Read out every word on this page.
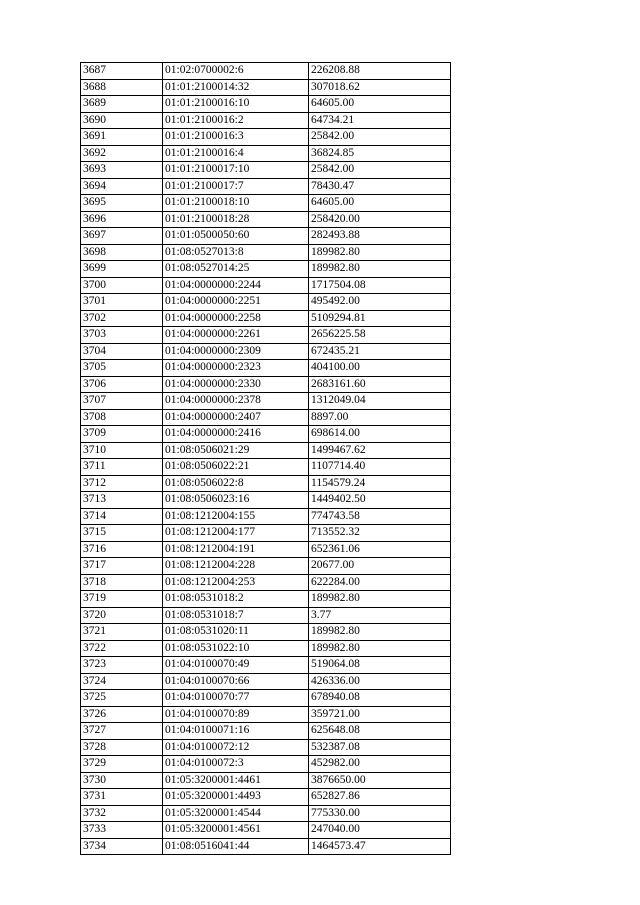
3687	01:02:0700002:6	226208.88
3688	01:01:2100014:32	307018.62
3689	01:01:2100016:10	64605.00
3690	01:01:2100016:2	64734.21
3691	01:01:2100016:3	25842.00
3692	01:01:2100016:4	36824.85
3693	01:01:2100017:10	25842.00
3694	01:01:2100017:7	78430.47
3695	01:01:2100018:10	64605.00
3696	01:01:2100018:28	258420.00
3697	01:01:0500050:60	282493.88
3698	01:08:0527013:8	189982.80
3699	01:08:0527014:25	189982.80
3700	01:04:0000000:2244	1717504.08
3701	01:04:0000000:2251	495492.00
3702	01:04:0000000:2258	5109294.81
3703	01:04:0000000:2261	2656225.58
3704	01:04:0000000:2309	672435.21
3705	01:04:0000000:2323	404100.00
3706	01:04:0000000:2330	2683161.60
3707	01:04:0000000:2378	1312049.04
3708	01:04:0000000:2407	8897.00
3709	01:04:0000000:2416	698614.00
3710	01:08:0506021:29	1499467.62
3711	01:08:0506022:21	1107714.40
3712	01:08:0506022:8	1154579.24
3713	01:08:0506023:16	1449402.50
3714	01:08:1212004:155	774743.58
3715	01:08:1212004:177	713552.32
3716	01:08:1212004:191	652361.06
3717	01:08:1212004:228	20677.00
3718	01:08:1212004:253	622284.00
3719	01:08:0531018:2	189982.80
3720	01:08:0531018:7	3.77
3721	01:08:0531020:11	189982.80
3722	01:08:0531022:10	189982.80
3723	01:04:0100070:49	519064.08
3724	01:04:0100070:66	426336.00
3725	01:04:0100070:77	678940.08
3726	01:04:0100070:89	359721.00
3727	01:04:0100071:16	625648.08
3728	01:04:0100072:12	532387.08
3729	01:04:0100072:3	452982.00
3730	01:05:3200001:4461	3876650.00
3731	01:05:3200001:4493	652827.86
3732	01:05:3200001:4544	775330.00
3733	01:05:3200001:4561	247040.00
3734	01:08:0516041:44	1464573.47
